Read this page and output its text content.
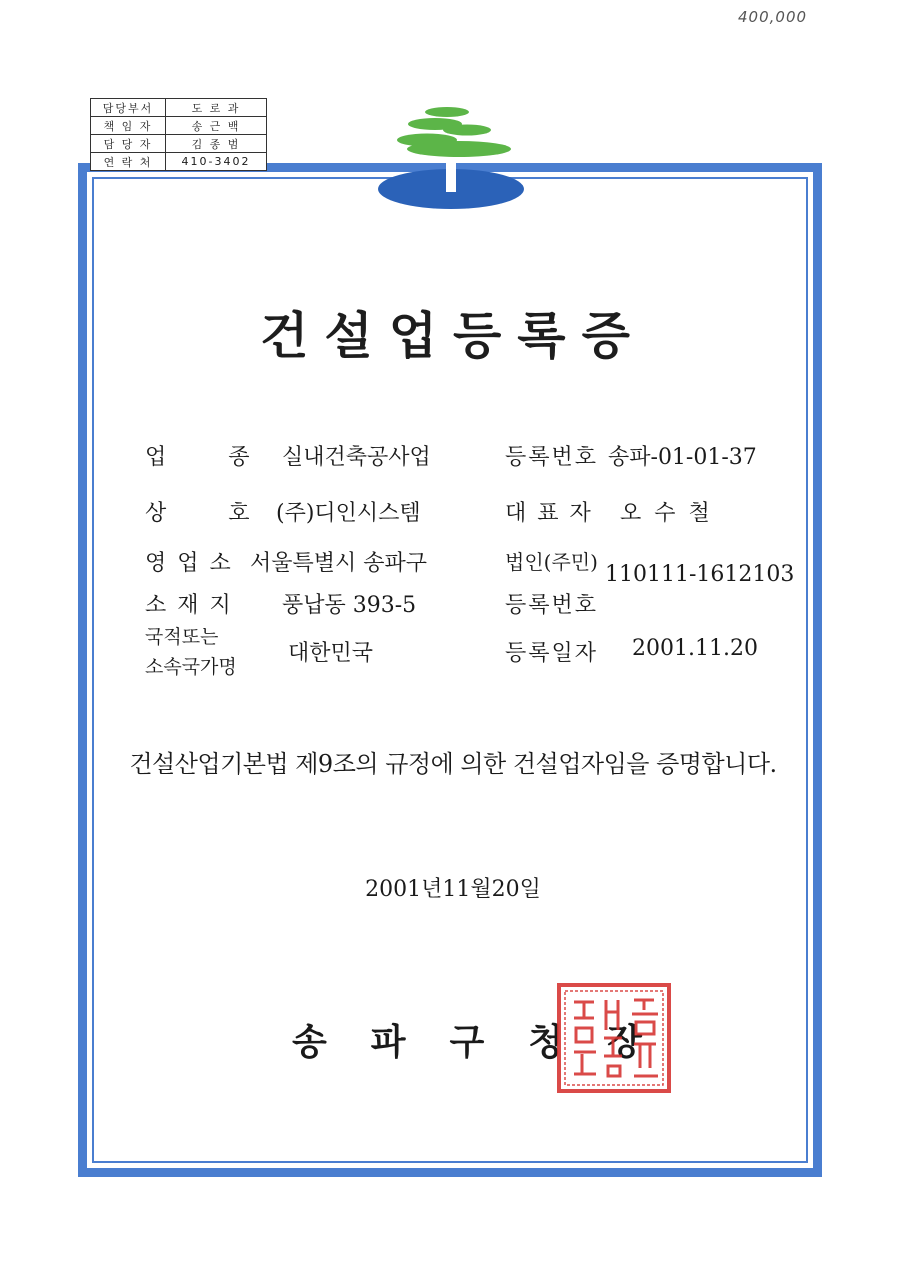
400,000
담당부서	도 로 과
책 임 자	송 근 백
담 당 자	김 종 범
연 락 처	410-3402
건설업등록증
업　종 실내건축공사업	등록번호 송파-01-01-37
상　호 (주)디인시스템	대 표 자 오 수 철
영 업 소 서울특별시 송파구	법인(주민) 110111-1612103
소 재 지 풍납동 393-5	등록번호
국적또는
소속국가명
대한민국	등록일자 2001.11.20
건설산업기본법 제9조의 규정에 의한 건설업자임을 증명합니다.
2001년11월20일
송파구청장
